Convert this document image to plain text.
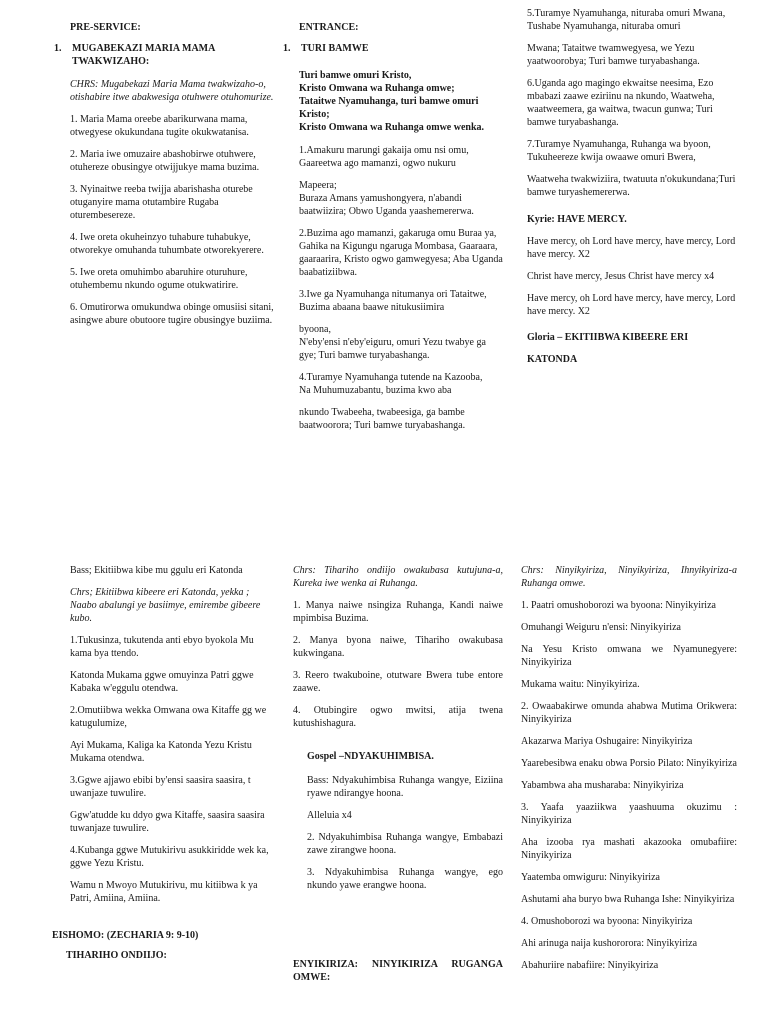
PRE-SERVICE:

1.	MUGABEKAZI MARIA MAMA TWAKWIZAHO:

CHRS: Mugabekazi Maria Mama twakwizaho-o, otishabire itwe abakwesiga otuhwere otuhomurize.

1. Maria Mama oreebe abarikurwana mama, otwegyese okukundana tugite okukwatanisa.

2. Maria iwe omuzaire abashobirwe otuhwere, otuhereze obusingye otwijjukye mama buzima.

3. Nyinaitwe reeba twijja abarishasha oturebe otuganyire mama otutambire Rugaba oturembesereze.

4. Iwe oreta okuheinzyo tuhabure tuhabukye, otworekye omuhanda tuhumbate otworekyerere.

5. Iwe oreta omuhimbo abaruhire oturuhure, otuhembemu nkundo ogume otukwatirire.

6. Omutirorwa omukundwa obinge omusiisi sitani, asingwe abure obutoore tugire obusingye buziima.

ENTRANCE:

1.	TURI BAMWE

Turi bamwe omuri Kristo,
Kristo Omwana wa Ruhanga omwe;
Tataitwe Nyamuhanga, turi bamwe omuri Kristo;
Kristo Omwana wa Ruhanga omwe wenka.

1.Amakuru marungi gakaija omu nsi omu,
Gaareetwa ago mamanzi, ogwo nukuru

Mapeera;
Buraza Amans yamushongyera, n'abandi baatwiizira; Obwo Uganda yaashemererwa.

2.Buzima ago mamanzi, gakaruga omu Buraa ya, Gahika na Kigungu ngaruga Mombasa, Gaaraara, gaaraarira, Kristo ogwo gamwegyesa; Aba Uganda baabatiziibwa.

3.Iwe ga Nyamuhanga nitumanya ori Tataitwe,
Buzima abaana baawe nitukusiimira

byoona,
N'eby'ensi n'eby'eiguru, omuri Yezu twabye ga gye; Turi bamwe turyabashanga.

4.Turamye Nyamuhanga tutende na Kazooba,
Na Muhumuzabantu, buzima kwo aba

nkundo Twabeeha, twabeesiga, ga bambe baatwoorora; Turi bamwe turyabashanga.

5.Turamye Nyamuhanga, nituraba omuri Mwana,
Tushabe Nyamuhanga, nituraba omuri

Mwana; Tataitwe twamwegyesa, we Yezu yaatwoorobya; Turi bamwe turyabashanga.

6.Uganda ago magingo ekwaitse neesima, Ezo mbabazi zaawe eziriinu na nkundo, Waatweha, waatweemera, ga waitwa, twacun gunwa; Turi bamwe turyabashanga.

7.Turamye Nyamuhanga, Ruhanga wa byoon,
Tukuheereze kwija owaawe omuri Bwera,

Waatweha twakwiziira, twatuuta n'okukundana;Turi bamwe turyashemererwa.

Kyrie: HAVE MERCY.

Have mercy, oh Lord have mercy, have mercy, Lord have mercy. X2

Christ have mercy, Jesus Christ have mercy x4

Have mercy, oh Lord have mercy, have mercy, Lord have mercy. X2

Gloria – EKITIIBWA KIBEERE ERI KATONDA

Bass; Ekitiibwa kibe mu ggulu eri Katonda

Chrs; Ekitiibwa kibeere eri Katonda, yekka ; Naabo abalungi ye basiimye, emirembe gibeere kubo.

1.Tukusinza, tukutenda anti ebyo byokola Mu kama bya ttendo.

Katonda Mukama ggwe omuyinza Patri ggwe Kabaka w'eggulu otendwa.

2.Omutiibwa wekka Omwana owa Kitaffe gg we katugulumize,

Ayi Mukama, Kaliga ka Katonda Yezu Kristu Mukama otendwa.

3.Ggwe ajjawo ebibi by'ensi saasira saasira, t uwanjaze tuwulire.

Ggw'atudde ku ddyo gwa Kitaffe, saasira saasira tuwanjaze tuwulire.

4.Kubanga ggwe Mutukirivu asukkiridde wek ka, ggwe Yezu Kristu.

Wamu n Mwoyo Mutukirivu, mu kitiibwa k ya Patri, Amiina, Amiina.

EISHOMO: (ZECHARIA 9: 9-10)

TIHARIHO ONDIIJO:

Chrs: Tihariho ondiijo owakubasa kutujuna-a, Kureka iwe wenka ai Ruhanga.

1. Manya naiwe nsingiza Ruhanga, Kandi naiwe mpimbisa Buzima.

2. Manya byona naiwe, Tihariho owakubasa kukwingana.

3. Reero twakuboine, otutware Bwera tube entore zaawe.

4. Otubingire ogwo mwitsi, atija twena kutushishagura.

Gospel –NDYAKUHIMBISA.

Bass: Ndyakuhimbisa Ruhanga wangye, Eiziina ryawe ndirangye hoona.

Alleluia x4

2. Ndyakuhimbisa Ruhanga wangye, Embabazi zawe zirangwe hoona.

3. Ndyakuhimbisa Ruhanga wangye, ego nkundo yawe erangwe hoona.

ENYIKIRIZA: NINYIKIRIZA RUGANGA OMWE:

Chrs: Ninyikyiriza, Ninyikyiriza, Ihnyikyiriza-a Ruhanga omwe.

1. Paatri omushoborozi wa byoona: Ninyikyiriza

Omuhangi Weiguru n'ensi: Ninyikyiriza

Na Yesu Kristo omwana we Nyamunegyere: Ninyikyiriza

Mukama waitu: Ninyikyiriza.

2. Owaabakirwe omunda ahabwa Mutima Orikwera: Ninyikyiriza

Akazarwa Mariya Oshugaire: Ninyikyiriza

Yaarebesibwa enaku obwa Porsio Pilato: Ninyikyiriza

Yabambwa aha musharaba: Ninyikyiriza

3. Yaafa yaaziikwa yaashuuma okuzimu : Ninyikyiriza

Aha izooba rya mashati akazooka omubafiire: Ninyikyiriza

Yaatemba omwiguru: Ninyikyiriza

Ashutami aha buryo bwa Ruhanga Ishe: Ninyikyiriza

4. Omushoborozi wa byoona: Ninyikyiriza

Ahi arinuga naija kushororora: Ninyikyiriza

Abahuriire nabafiire: Ninyikyiriza
